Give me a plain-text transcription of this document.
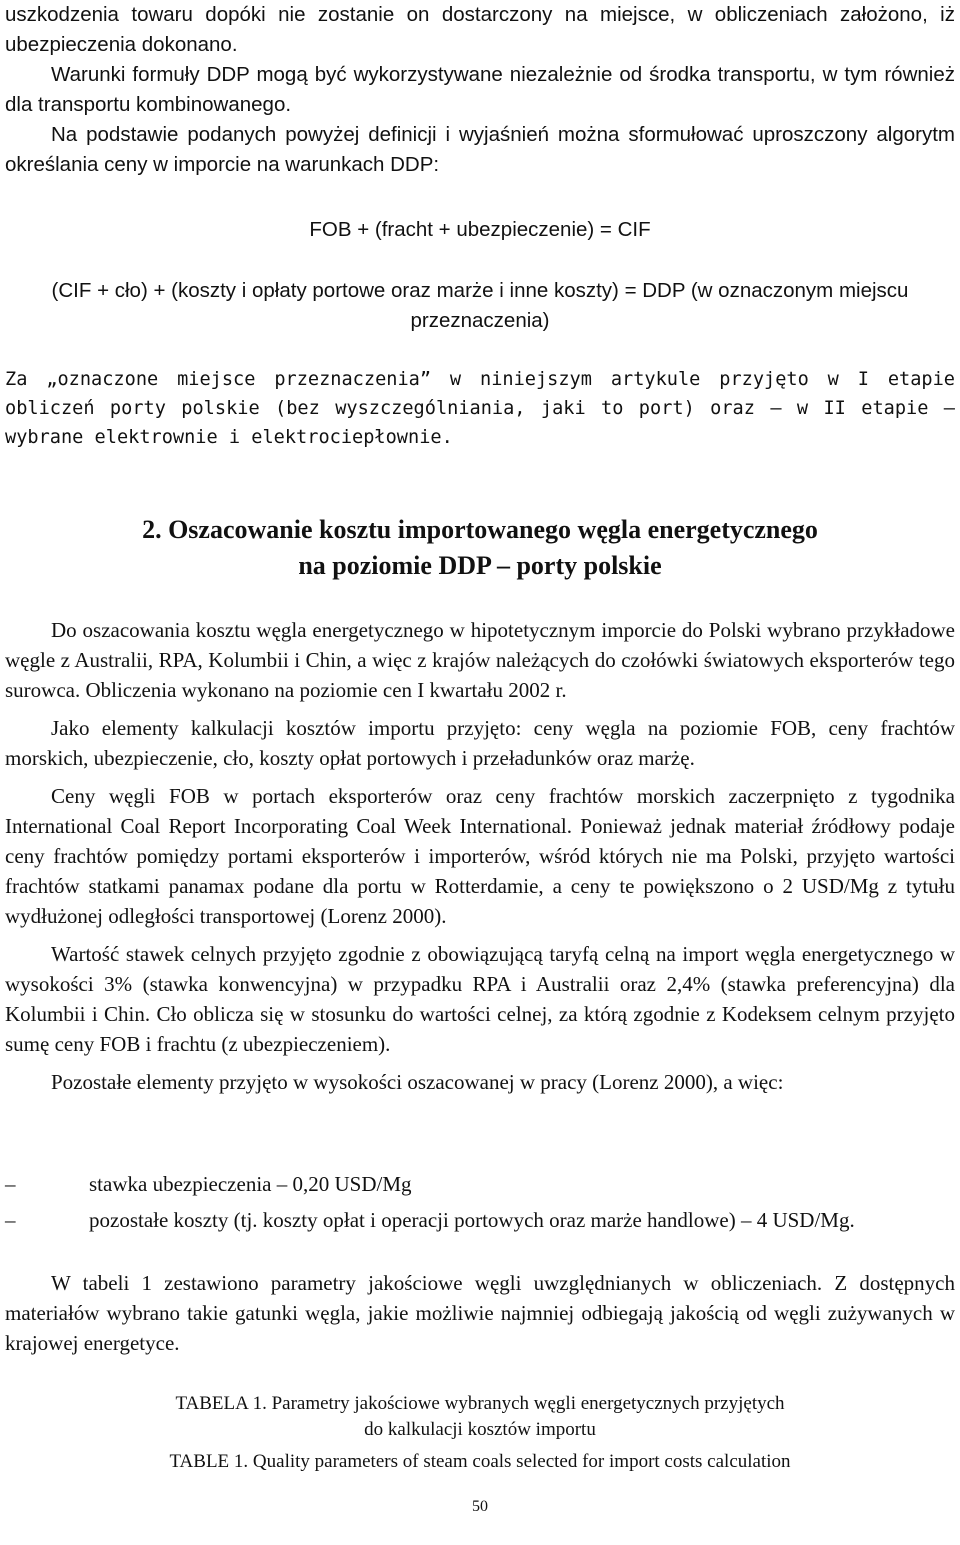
uszkodzenia towaru dopóki nie zostanie on dostarczony na miejsce, w obliczeniach założono, iż ubezpieczenia dokonano.

Warunki formuły DDP mogą być wykorzystywane niezależnie od środka transportu, w tym również dla transportu kombinowanego.

Na podstawie podanych powyżej definicji i wyjaśnień można sformułować uproszczony algorytm określania ceny w imporcie na warunkach DDP:

FOB + (fracht + ubezpieczenie) = CIF

(CIF + cło) + (koszty i opłaty portowe oraz marże i inne koszty) = DDP (w oznaczonym miejscu przeznaczenia)

Za „oznaczone miejsce przeznaczenia” w niniejszym artykule przyjęto w I etapie obliczeń porty polskie (bez wyszczególniania, jaki to port) oraz – w II etapie – wybrane elektrownie i elektrociepłownie.

2. Oszacowanie kosztu importowanego węgla energetycznego

na poziomie DDP – porty polskie

Do oszacowania kosztu węgla energetycznego w hipotetycznym imporcie do Polski wybrano przykładowe węgle z Australii, RPA, Kolumbii i Chin, a więc z krajów należących do czołówki światowych eksporterów tego surowca. Obliczenia wykonano na poziomie cen I kwartału 2002 r.

Jako elementy kalkulacji kosztów importu przyjęto: ceny węgla na poziomie FOB, ceny frachtów morskich, ubezpieczenie, cło, koszty opłat portowych i przeładunków oraz marżę.

Ceny węgli FOB w portach eksporterów oraz ceny frachtów morskich zaczerpnięto z tygodnika International Coal Report Incorporating Coal Week International. Ponieważ jednak materiał źródłowy podaje ceny frachtów pomiędzy portami eksporterów i importerów, wśród których nie ma Polski, przyjęto wartości frachtów statkami panamax podane dla portu w Rotterdamie, a ceny te powiększono o 2 USD/Mg z tytułu wydłużonej odległości transportowej (Lorenz 2000).

Wartość stawek celnych przyjęto zgodnie z obowiązującą taryfą celną na import węgla energetycznego w wysokości 3% (stawka konwencyjna) w przypadku RPA i Australii oraz 2,4% (stawka preferencyjna) dla Kolumbii i Chin. Cło oblicza się w stosunku do wartości celnej, za którą zgodnie z Kodeksem celnym przyjęto sumę ceny FOB i frachtu (z ubezpieczeniem).

Pozostałe elementy przyjęto w wysokości oszacowanej w pracy (Lorenz 2000), a więc:

–	stawka ubezpieczenia – 0,20 USD/Mg
–	pozostałe koszty (tj. koszty opłat i operacji portowych oraz marże handlowe) – 4 USD/Mg.

W tabeli 1 zestawiono parametry jakościowe węgli uwzględnianych w obliczeniach. Z dostępnych materiałów wybrano takie gatunki węgla, jakie możliwie najmniej odbiegają jakością od węgli zużywanych w krajowej energetyce.

TABELA 1. Parametry jakościowe wybranych węgli energetycznych przyjętych

do kalkulacji kosztów importu

TABLE 1. Quality parameters of steam coals selected for import costs calculation

50
